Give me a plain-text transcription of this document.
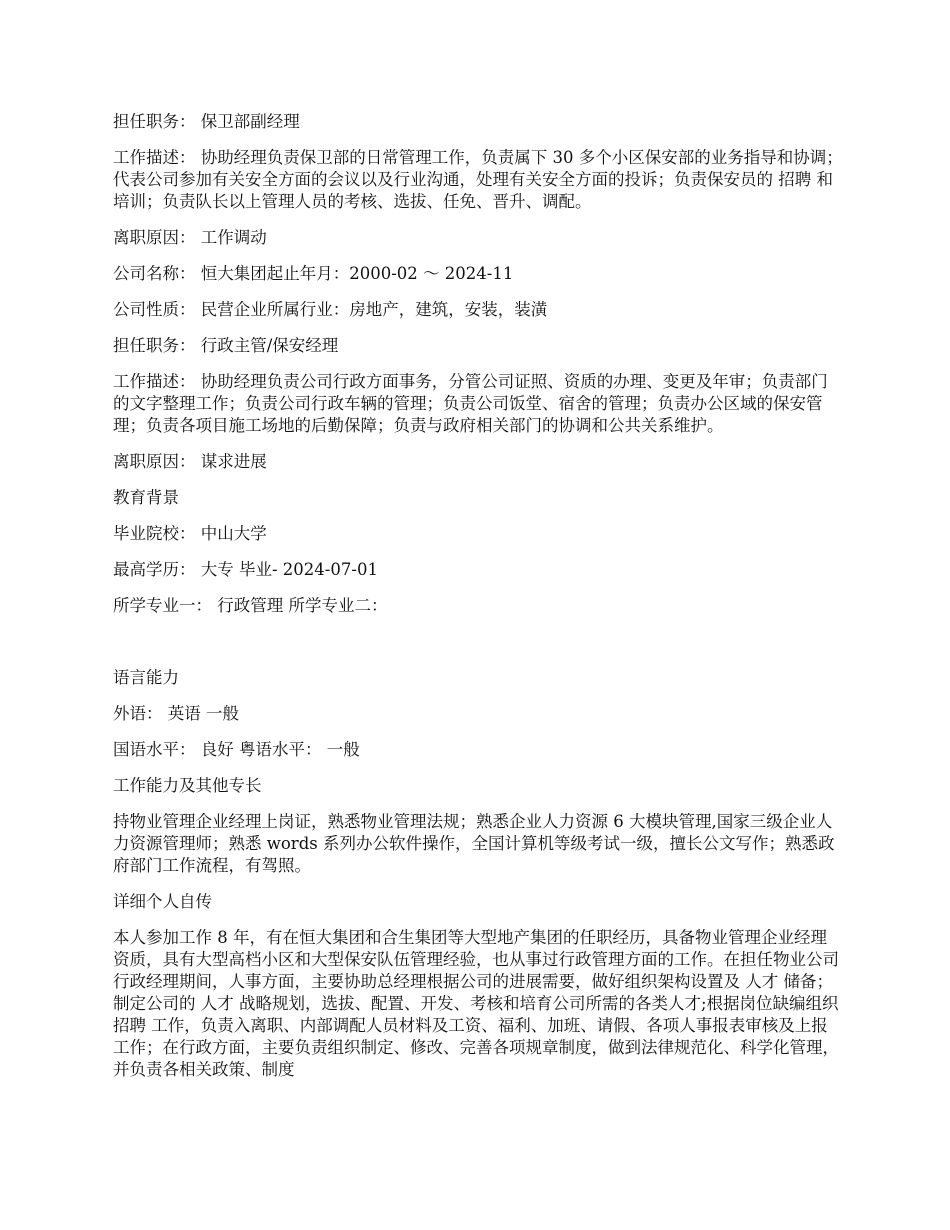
担任职务： 保卫部副经理

工作描述： 协助经理负责保卫部的日常管理工作，负责属下 30 多个小区保安部的业务指导和协调；代表公司参加有关安全方面的会议以及行业沟通，处理有关安全方面的投诉；负责保安员的 招聘 和培训；负责队长以上管理人员的考核、选拔、任免、晋升、调配。

离职原因： 工作调动

公司名称： 恒大集团起止年月：2000-02 ～ 2024-11

公司性质： 民营企业所属行业：房地产，建筑，安装，装潢

担任职务： 行政主管/保安经理

工作描述： 协助经理负责公司行政方面事务，分管公司证照、资质的办理、变更及年审；负责部门的文字整理工作；负责公司行政车辆的管理；负责公司饭堂、宿舍的管理；负责办公区域的保安管理；负责各项目施工场地的后勤保障；负责与政府相关部门的协调和公共关系维护。

离职原因： 谋求进展

教育背景

毕业院校： 中山大学

最高学历： 大专 毕业- 2024-07-01

所学专业一： 行政管理 所学专业二：

语言能力

外语： 英语 一般

国语水平： 良好 粤语水平： 一般

工作能力及其他专长

持物业管理企业经理上岗证，熟悉物业管理法规；熟悉企业人力资源 6 大模块管理,国家三级企业人力资源管理师；熟悉 words 系列办公软件操作，全国计算机等级考试一级，擅长公文写作；熟悉政府部门工作流程，有驾照。

详细个人自传

本人参加工作 8 年，有在恒大集团和合生集团等大型地产集团的任职经历，具备物业管理企业经理资质，具有大型高档小区和大型保安队伍管理经验，也从事过行政管理方面的工作。在担任物业公司行政经理期间，人事方面，主要协助总经理根据公司的进展需要，做好组织架构设置及 人才 储备；制定公司的 人才 战略规划，选拔、配置、开发、考核和培育公司所需的各类人才;根据岗位缺编组织 招聘 工作，负责入离职、内部调配人员材料及工资、福利、加班、请假、各项人事报表审核及上报工作；在行政方面，主要负责组织制定、修改、完善各项规章制度，做到法律规范化、科学化管理，并负责各相关政策、制度
